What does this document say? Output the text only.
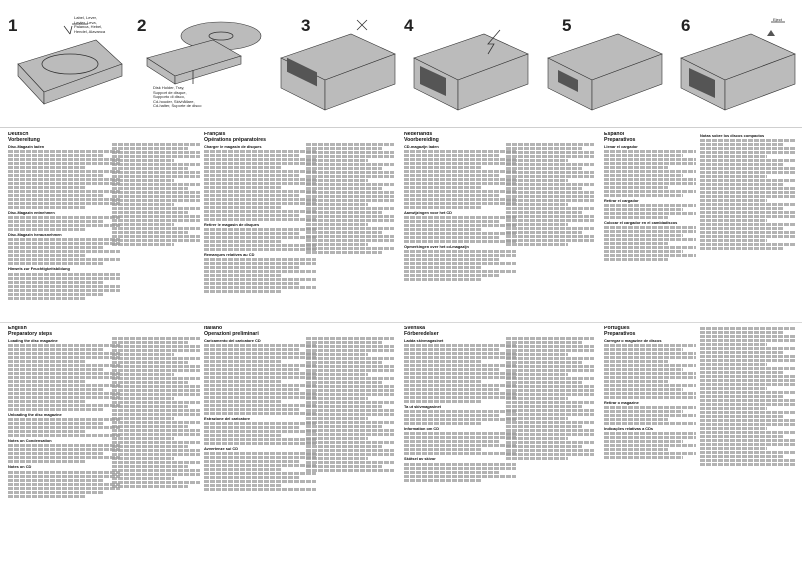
1	Label, Lever,
Levier, Leva,
Palanca, Hebel,
Hendel, Alavanca 2
Disk Holder, Tray,
Support de disque,
Supporto di disco,
Cd-houder, Skivhållare,
Cd-halter, Suporte de disco
3	4	5	6	Eject
Deutsch
Vorbereitung
Disc-Magazin laden
Disc-Magazin entnehmen
Disc-Magazin herausnehmen
Hinweis zur Feuchtigkeitsbildung
Français
Opérations préparatoires
Charger le magasin de disques
Retirer le magasin de disques
Remarques relatives au CD
Nederlands
Voorbereiding
CD-magazijn laden
Aanwijzingen voor het CD
Opmerkingen over het cd-magazijn
Español
Preparativos
Llenar el cargador
Retirar el cargador
Colocar el cargador en el cambiadiscos
Notas sobre los discos compactos
English
Preparatory steps
Loading the disc magazine
Unloading the disc magazine
Notes on Condensation
Notes on CD
Italiano
Operazioni preliminari
Caricamento del caricatore CD
Estrazione del caricatore
Avvertenze sui CD
Svenska
Förberedelser
Ladda skivmagasinet
Ta ut skivmagasinet
Information om CD
Skötsel av skivor
Português
Preparativos
Carregar o magazine de discos
Retirar o magazine
Indicações relativas a CDs
